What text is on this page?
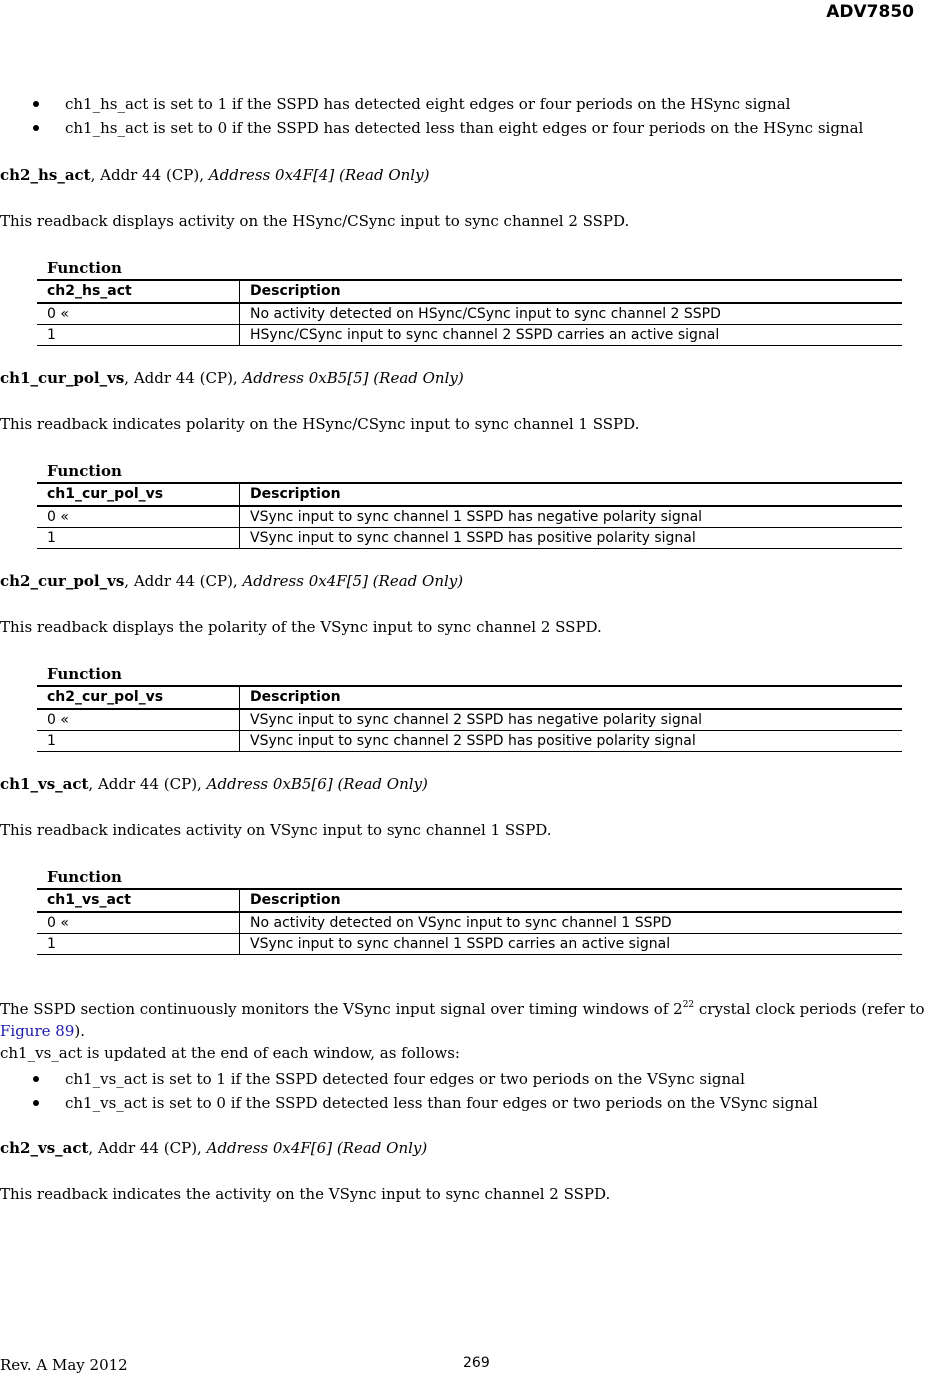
ADV7850
ch1_hs_act is set to 1 if the SSPD has detected eight edges or four periods on the HSync signal
ch1_hs_act is set to 0 if the SSPD has detected less than eight edges or four periods on the HSync signal
ch2_hs_act, Addr 44 (CP), Address 0x4F[4] (Read Only)
This readback displays activity on the HSync/CSync input to sync channel 2 SSPD.
Function
ch2_hs_act	Description
0 «	No activity detected on HSync/CSync input to sync channel 2 SSPD
1	HSync/CSync input to sync channel 2 SSPD carries an active signal
ch1_cur_pol_vs, Addr 44 (CP), Address 0xB5[5] (Read Only)
This readback indicates polarity on the HSync/CSync input to sync channel 1 SSPD.
Function
ch1_cur_pol_vs	Description
0 «	VSync input to sync channel 1 SSPD has negative polarity signal
1	VSync input to sync channel 1 SSPD has positive polarity signal
ch2_cur_pol_vs, Addr 44 (CP), Address 0x4F[5] (Read Only)
This readback displays the polarity of the VSync input to sync channel 2 SSPD.
Function
ch2_cur_pol_vs	Description
0 «	VSync input to sync channel 2 SSPD has negative polarity signal
1	VSync input to sync channel 2 SSPD has positive polarity signal
ch1_vs_act, Addr 44 (CP), Address 0xB5[6] (Read Only)
This readback indicates activity on VSync input to sync channel 1 SSPD.
Function
ch1_vs_act	Description
0 «	No activity detected on VSync input to sync channel 1 SSPD
1	VSync input to sync channel 1 SSPD carries an active signal
The SSPD section continuously monitors the VSync input signal over timing windows of $2^{22}$ crystal clock periods (refer to Figure 89).
ch1_vs_act is updated at the end of each window, as follows:
ch1_vs_act is set to 1 if the SSPD detected four edges or two periods on the VSync signal
ch1_vs_act is set to 0 if the SSPD detected less than four edges or two periods on the VSync signal
ch2_vs_act, Addr 44 (CP), Address 0x4F[6] (Read Only)
This readback indicates the activity on the VSync input to sync channel 2 SSPD.
Rev. A May 2012	269
